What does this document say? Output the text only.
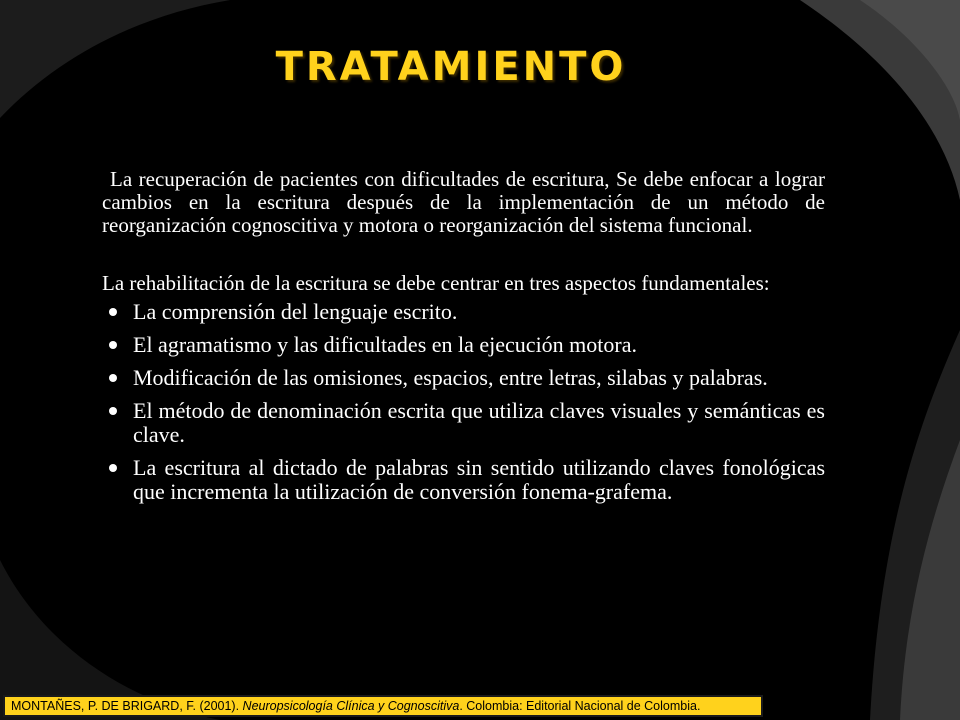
TRATAMIENTO

La recuperación de pacientes con dificultades de escritura, Se debe enfocar a lograr cambios en la escritura después de la implementación de un método de reorganización cognoscitiva y motora o reorganización del sistema funcional.

La rehabilitación de la escritura se debe centrar en tres aspectos fundamentales:

La comprensión del lenguaje escrito.
El agramatismo y las dificultades en la ejecución motora.
Modificación de las omisiones, espacios, entre letras, silabas y palabras.
El método de denominación escrita que utiliza claves visuales y semánticas es clave.
La escritura al dictado de palabras sin sentido utilizando claves fonológicas que incrementa la utilización de conversión fonema-grafema.
MONTAÑES, P. DE BRIGARD, F. (2001). Neuropsicología Clínica y Cognoscitiva. Colombia: Editorial Nacional de Colombia.
